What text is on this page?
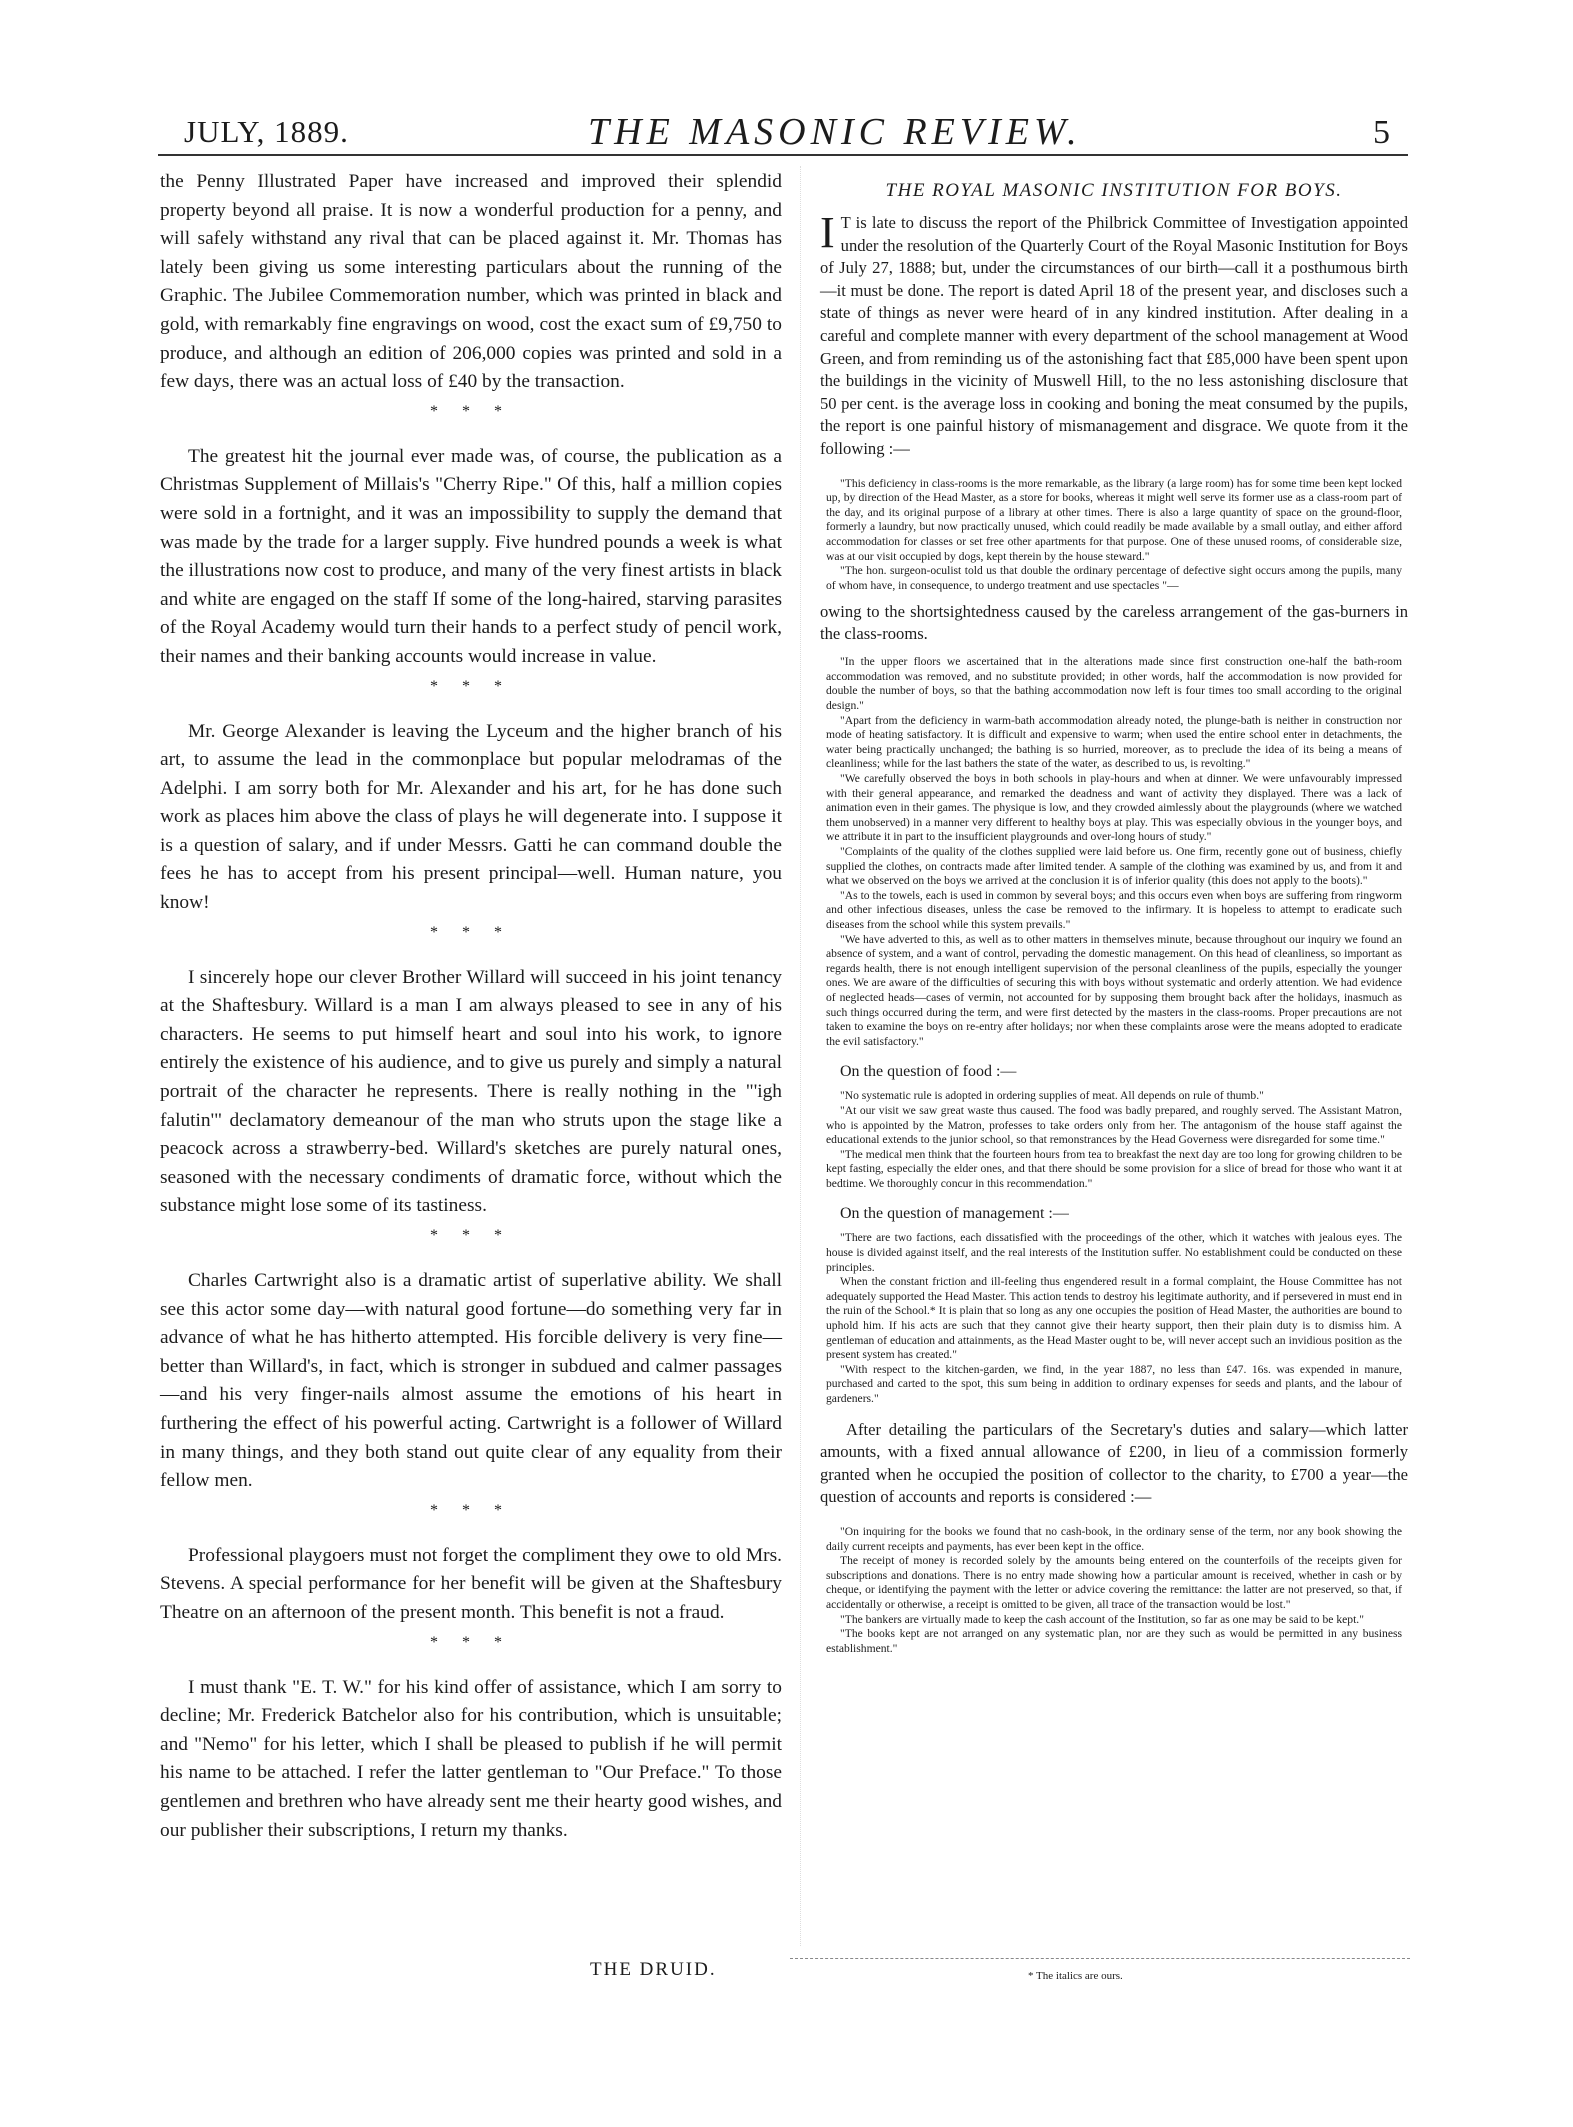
JULY, 1889.	THE MASONIC REVIEW.	5

the Penny Illustrated Paper have increased and improved their splendid property beyond all praise. It is now a wonderful production for a penny, and will safely withstand any rival that can be placed against it. Mr. Thomas has lately been giving us some interesting particulars about the running of the Graphic. The Jubilee Commemoration number, which was printed in black and gold, with remarkably fine engravings on wood, cost the exact sum of £9,750 to produce, and although an edition of 206,000 copies was printed and sold in a few days, there was an actual loss of £40 by the transaction.

* * *

The greatest hit the journal ever made was, of course, the publication as a Christmas Supplement of Millais's "Cherry Ripe." Of this, half a million copies were sold in a fortnight, and it was an impossibility to supply the demand that was made by the trade for a larger supply. Five hundred pounds a week is what the illustrations now cost to produce, and many of the very finest artists in black and white are engaged on the staff If some of the long-haired, starving parasites of the Royal Academy would turn their hands to a perfect study of pencil work, their names and their banking accounts would increase in value.

* * *

Mr. George Alexander is leaving the Lyceum and the higher branch of his art, to assume the lead in the commonplace but popular melodramas of the Adelphi. I am sorry both for Mr. Alexander and his art, for he has done such work as places him above the class of plays he will degenerate into. I suppose it is a question of salary, and if under Messrs. Gatti he can command double the fees he has to accept from his present principal—well. Human nature, you know!

* * *

I sincerely hope our clever Brother Willard will succeed in his joint tenancy at the Shaftesbury. Willard is a man I am always pleased to see in any of his characters. He seems to put himself heart and soul into his work, to ignore entirely the existence of his audience, and to give us purely and simply a natural portrait of the character he represents. There is really nothing in the "'igh falutin'" declamatory demeanour of the man who struts upon the stage like a peacock across a strawberry-bed. Willard's sketches are purely natural ones, seasoned with the necessary condiments of dramatic force, without which the substance might lose some of its tastiness.

* * *

Charles Cartwright also is a dramatic artist of superlative ability. We shall see this actor some day—with natural good fortune—do something very far in advance of what he has hitherto attempted. His forcible delivery is very fine—better than Willard's, in fact, which is stronger in subdued and calmer passages—and his very finger-nails almost assume the emotions of his heart in furthering the effect of his powerful acting. Cartwright is a follower of Willard in many things, and they both stand out quite clear of any equality from their fellow men.

* * *

Professional playgoers must not forget the compliment they owe to old Mrs. Stevens. A special performance for her benefit will be given at the Shaftesbury Theatre on an afternoon of the present month. This benefit is not a fraud.

* * *

I must thank "E. T. W." for his kind offer of assistance, which I am sorry to decline; Mr. Frederick Batchelor also for his contribution, which is unsuitable; and "Nemo" for his letter, which I shall be pleased to publish if he will permit his name to be attached. I refer the latter gentleman to "Our Preface." To those gentlemen and brethren who have already sent me their hearty good wishes, and our publisher their subscriptions, I return my thanks.

THE DRUID.
THE ROYAL MASONIC INSTITUTION FOR BOYS.

IT is late to discuss the report of the Philbrick Committee of Investigation appointed under the resolution of the Quarterly Court of the Royal Masonic Institution for Boys of July 27, 1888; but, under the circumstances of our birth—call it a posthumous birth—it must be done. The report is dated April 18 of the present year, and discloses such a state of things as never were heard of in any kindred institution. After dealing in a careful and complete manner with every department of the school management at Wood Green, and from reminding us of the astonishing fact that £85,000 have been spent upon the buildings in the vicinity of Muswell Hill, to the no less astonishing disclosure that 50 per cent. is the average loss in cooking and boning the meat consumed by the pupils, the report is one painful history of mismanagement and disgrace. We quote from it the following :—

"This deficiency in class-rooms is the more remarkable, as the library (a large room) has for some time been kept locked up, by direction of the Head Master, as a store for books, whereas it might well serve its former use as a class-room part of the day, and its original purpose of a library at other times. There is also a large quantity of space on the ground-floor, formerly a laundry, but now practically unused, which could readily be made available by a small outlay, and either afford accommodation for classes or set free other apartments for that purpose. One of these unused rooms, of considerable size, was at our visit occupied by dogs, kept therein by the house steward."

"The hon. surgeon-oculist told us that double the ordinary percentage of defective sight occurs among the pupils, many of whom have, in consequence, to undergo treatment and use spectacles "—

owing to the shortsightedness caused by the careless arrangement of the gas-burners in the class-rooms.

"In the upper floors we ascertained that in the alterations made since first construction one-half the bath-room accommodation was removed, and no substitute provided; in other words, half the accommodation is now provided for double the number of boys, so that the bathing accommodation now left is four times too small according to the original design."

"Apart from the deficiency in warm-bath accommodation already noted, the plunge-bath is neither in construction nor mode of heating satisfactory. It is difficult and expensive to warm; when used the entire school enter in detachments, the water being practically unchanged; the bathing is so hurried, moreover, as to preclude the idea of its being a means of cleanliness; while for the last bathers the state of the water, as described to us, is revolting."

"We carefully observed the boys in both schools in play-hours and when at dinner. We were unfavourably impressed with their general appearance, and remarked the deadness and want of activity they displayed. There was a lack of animation even in their games. The physique is low, and they crowded aimlessly about the playgrounds (where we watched them unobserved) in a manner very different to healthy boys at play. This was especially obvious in the younger boys, and we attribute it in part to the insufficient playgrounds and over-long hours of study."

"Complaints of the quality of the clothes supplied were laid before us. One firm, recently gone out of business, chiefly supplied the clothes, on contracts made after limited tender. A sample of the clothing was examined by us, and from it and what we observed on the boys we arrived at the conclusion it is of inferior quality (this does not apply to the boots)."

"As to the towels, each is used in common by several boys; and this occurs even when boys are suffering from ringworm and other infectious diseases, unless the case be removed to the infirmary. It is hopeless to attempt to eradicate such diseases from the school while this system prevails."

"We have adverted to this, as well as to other matters in themselves minute, because throughout our inquiry we found an absence of system, and a want of control, pervading the domestic management. On this head of cleanliness, so important as regards health, there is not enough intelligent supervision of the personal cleanliness of the pupils, especially the younger ones. We are aware of the difficulties of securing this with boys without systematic and orderly attention. We had evidence of neglected heads—cases of vermin, not accounted for by supposing them brought back after the holidays, inasmuch as such things occurred during the term, and were first detected by the masters in the class-rooms. Proper precautions are not taken to examine the boys on re-entry after holidays; nor when these complaints arose were the means adopted to eradicate the evil satisfactory."

On the question of food :—

"No systematic rule is adopted in ordering supplies of meat. All depends on rule of thumb."

"At our visit we saw great waste thus caused. The food was badly prepared, and roughly served. The Assistant Matron, who is appointed by the Matron, professes to take orders only from her. The antagonism of the house staff against the educational extends to the junior school, so that remonstrances by the Head Governess were disregarded for some time."

"The medical men think that the fourteen hours from tea to breakfast the next day are too long for growing children to be kept fasting, especially the elder ones, and that there should be some provision for a slice of bread for those who want it at bedtime. We thoroughly concur in this recommendation."

On the question of management :—

"There are two factions, each dissatisfied with the proceedings of the other, which it watches with jealous eyes. The house is divided against itself, and the real interests of the Institution suffer. No establishment could be conducted on these principles.

When the constant friction and ill-feeling thus engendered result in a formal complaint, the House Committee has not adequately supported the Head Master. This action tends to destroy his legitimate authority, and if persevered in must end in the ruin of the School.* It is plain that so long as any one occupies the position of Head Master, the authorities are bound to uphold him. If his acts are such that they cannot give their hearty support, then their plain duty is to dismiss him. A gentleman of education and attainments, as the Head Master ought to be, will never accept such an invidious position as the present system has created."

"With respect to the kitchen-garden, we find, in the year 1887, no less than £47. 16s. was expended in manure, purchased and carted to the spot, this sum being in addition to ordinary expenses for seeds and plants, and the labour of gardeners."

After detailing the particulars of the Secretary's duties and salary—which latter amounts, with a fixed annual allowance of £200, in lieu of a commission formerly granted when he occupied the position of collector to the charity, to £700 a year—the question of accounts and reports is considered :—

"On inquiring for the books we found that no cash-book, in the ordinary sense of the term, nor any book showing the daily current receipts and payments, has ever been kept in the office.

The receipt of money is recorded solely by the amounts being entered on the counterfoils of the receipts given for subscriptions and donations. There is no entry made showing how a particular amount is received, whether in cash or by cheque, or identifying the payment with the letter or advice covering the remittance: the latter are not preserved, so that, if accidentally or otherwise, a receipt is omitted to be given, all trace of the transaction would be lost."

"The bankers are virtually made to keep the cash account of the Institution, so far as one may be said to be kept."

"The books kept are not arranged on any systematic plan, nor are they such as would be permitted in any business establishment."

* The italics are ours.
